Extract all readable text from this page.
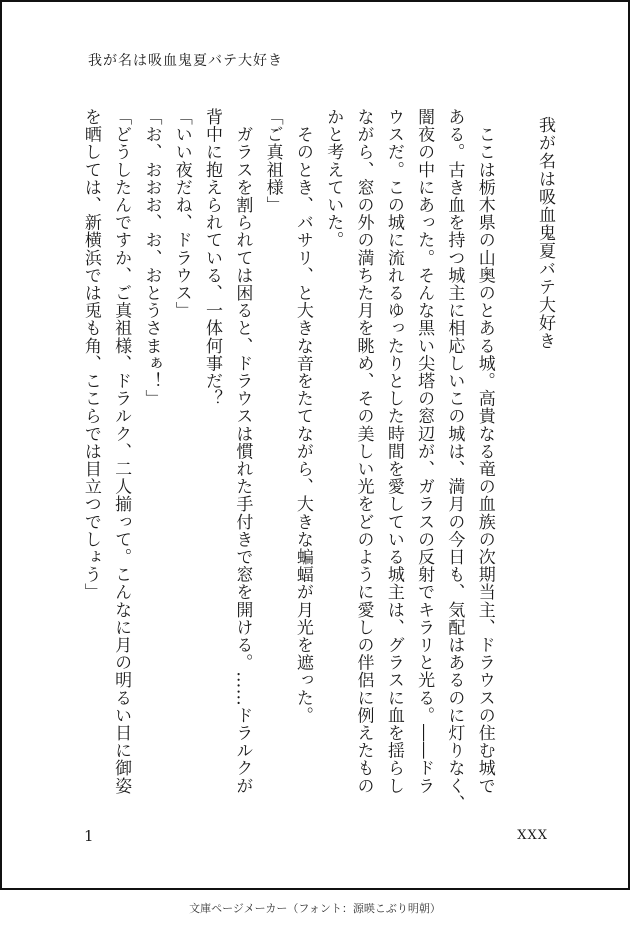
我が名は吸血鬼夏バテ大好き
我が名は吸血鬼夏バテ大好き
　ここは栃木県の山奥のとある城。高貴なる竜の血族の次期当主、ドラウスの住む城で
ある。古き血を持つ城主に相応しいこの城は、満月の今日も、気配はあるのに灯りなく、
闇夜の中にあった。そんな黒い尖塔の窓辺が、ガラスの反射でキラリと光る。――ドラ
ウスだ。この城に流れるゆったりとした時間を愛している城主は、グラスに血を揺らし
ながら、窓の外の満ちた月を眺め、その美しい光をどのように愛しの伴侶に例えたもの
かと考えていた。
　そのとき、バサリ、と大きな音をたてながら、大きな蝙蝠が月光を遮った。
「ご真祖様」
　ガラスを割られては困ると、ドラウスは慣れた手付きで窓を開ける。……ドラルクが
背中に抱えられている、一体何事だ？
「いい夜だね、ドラウス」
「お、おおお、お、おとうさまぁ！」
「どうしたんですか、ご真祖様、ドラルク、二人揃って。こんなに月の明るい日に御姿
を晒しては、新横浜では兎も角、ここらでは目立つでしょう」
1	XXX
文庫ページメーカー（フォント：源暎こぶり明朝）
